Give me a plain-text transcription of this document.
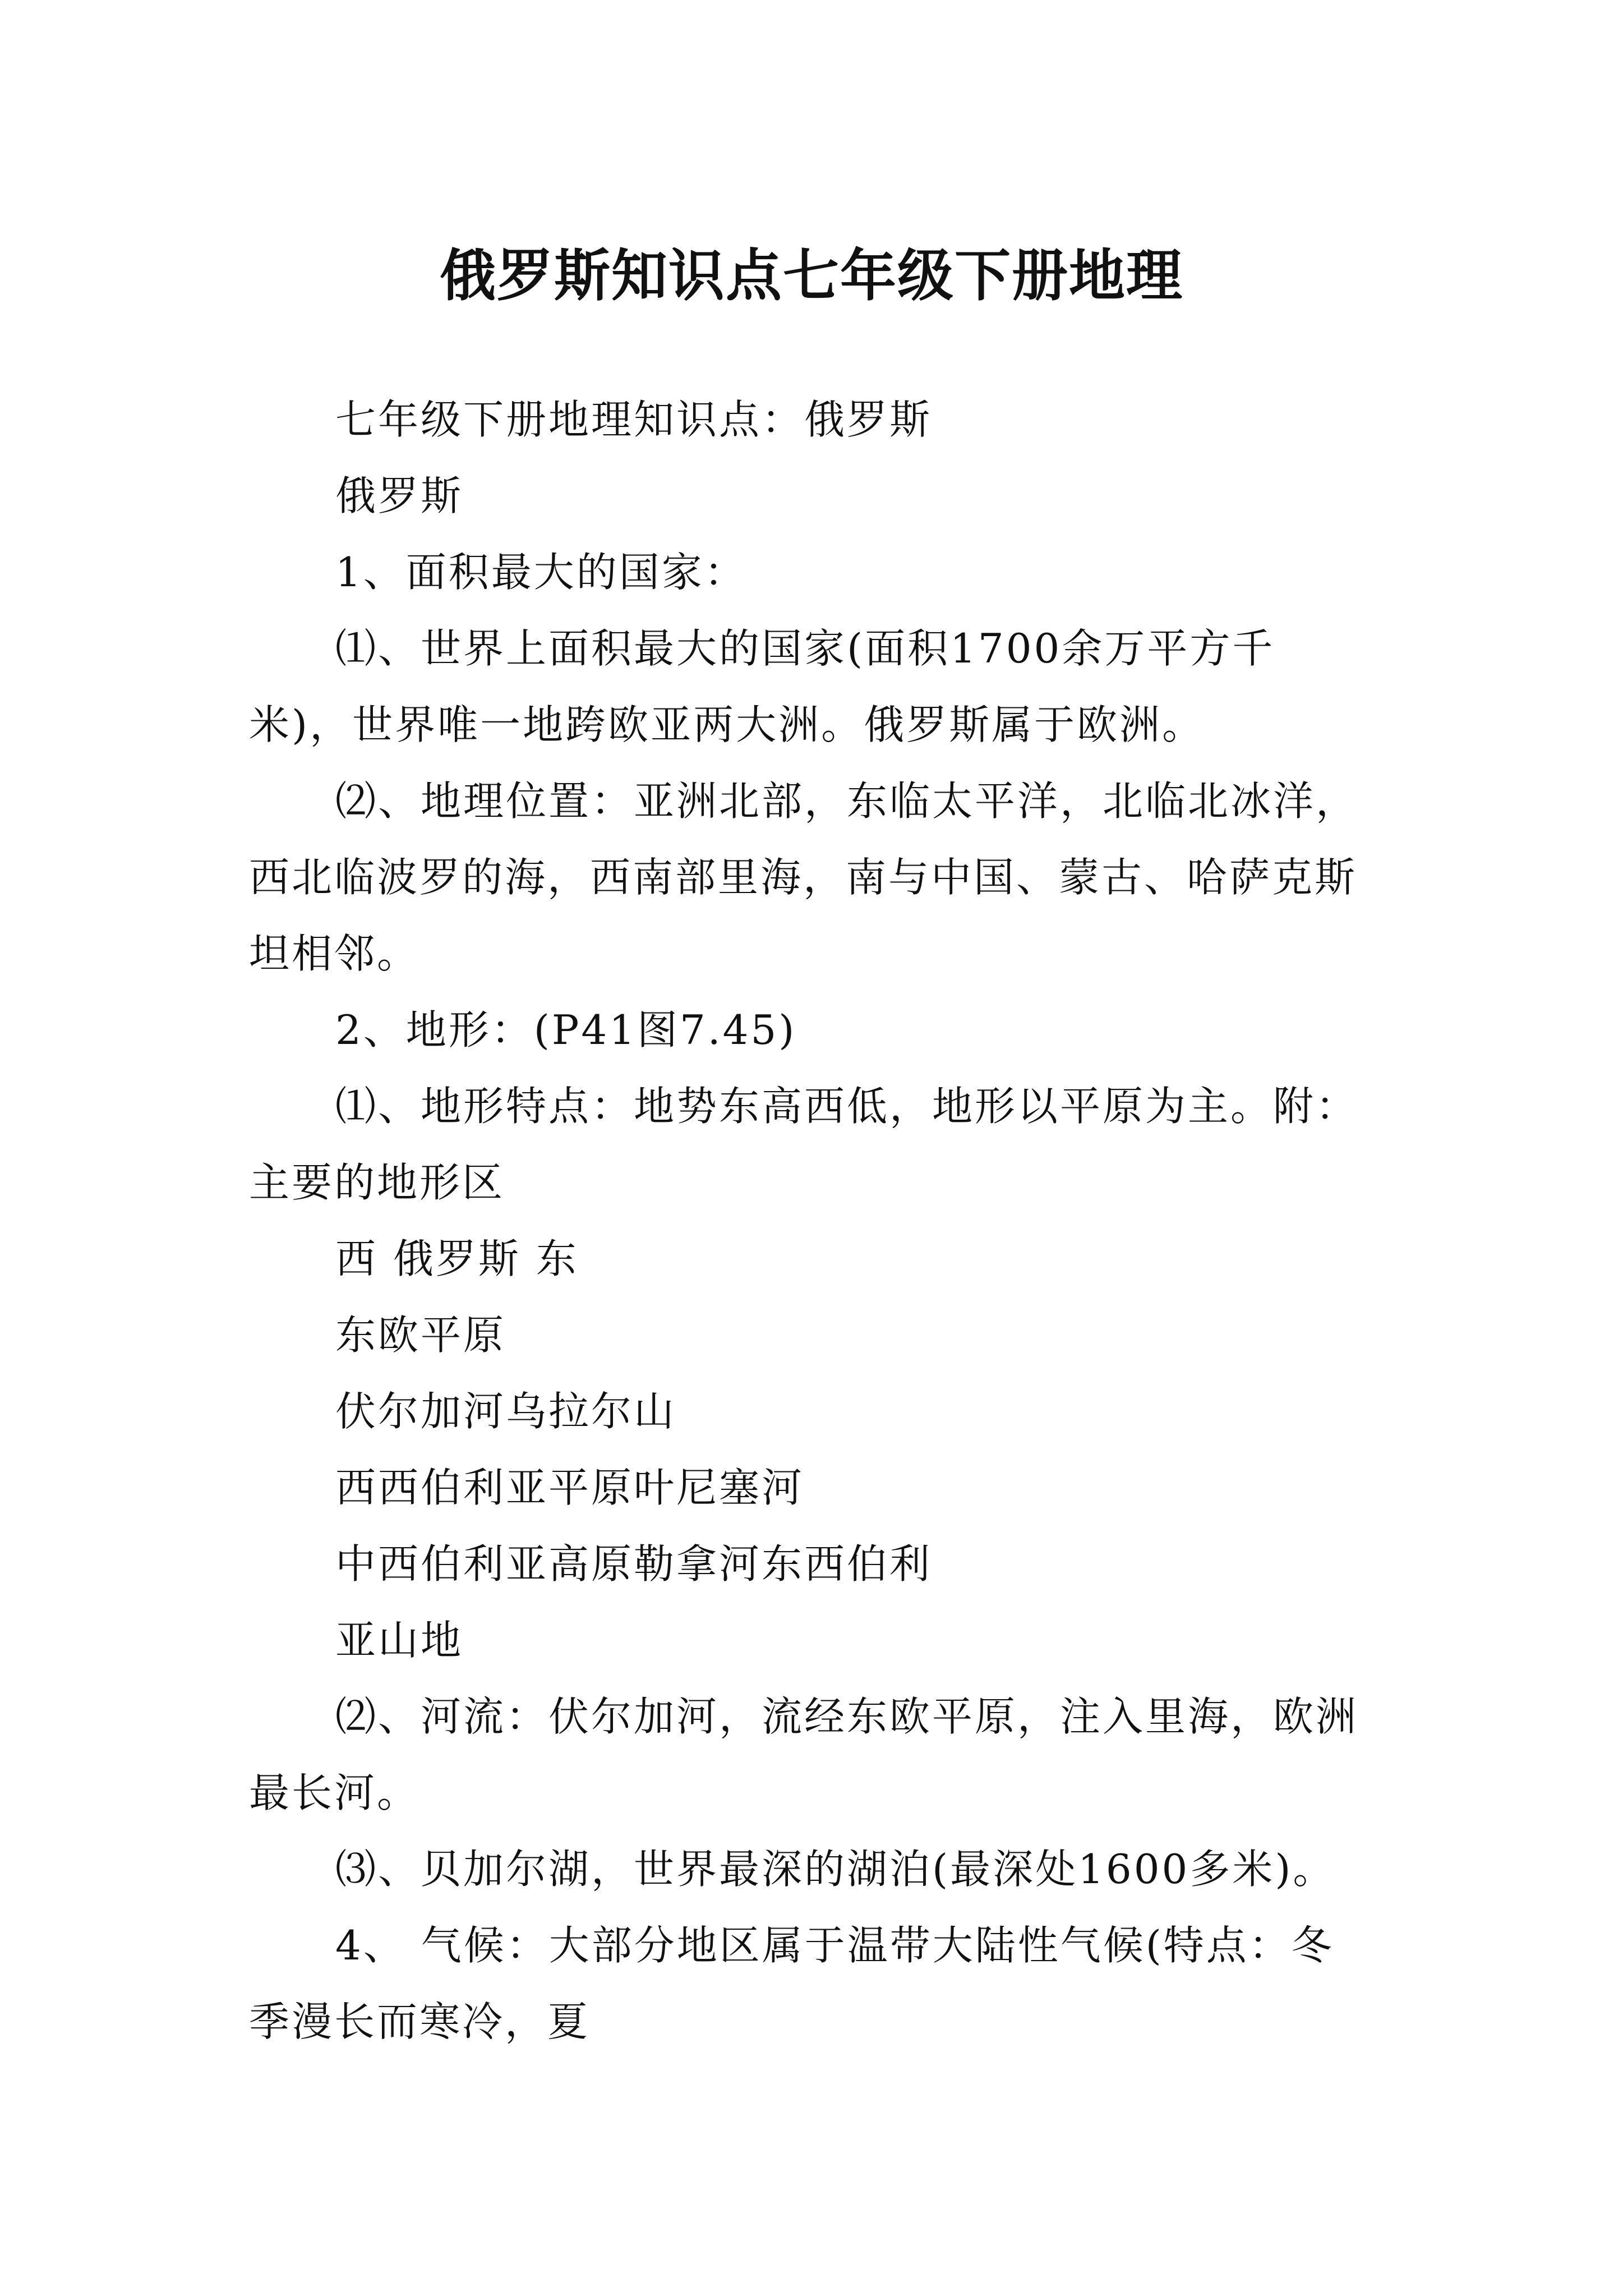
俄罗斯知识点七年级下册地理

七年级下册地理知识点：俄罗斯

俄罗斯

1、面积最大的国家：

⑴、世界上面积最大的国家(面积1700余万平方千米)，世界唯一地跨欧亚两大洲。俄罗斯属于欧洲。

⑵、地理位置：亚洲北部，东临太平洋，北临北冰洋，西北临波罗的海，西南部里海，南与中国、蒙古、哈萨克斯坦相邻。

2、地形：(P41图7.45)

⑴、地形特点：地势东高西低，地形以平原为主。附：主要的地形区

西 俄罗斯 东

东欧平原

伏尔加河乌拉尔山

西西伯利亚平原叶尼塞河

中西伯利亚高原勒拿河东西伯利

亚山地

⑵、河流：伏尔加河，流经东欧平原，注入里海，欧洲最长河。

⑶、贝加尔湖，世界最深的湖泊(最深处1600多米)。

4、 气候：大部分地区属于温带大陆性气候(特点：冬季漫长而寒冷，夏
